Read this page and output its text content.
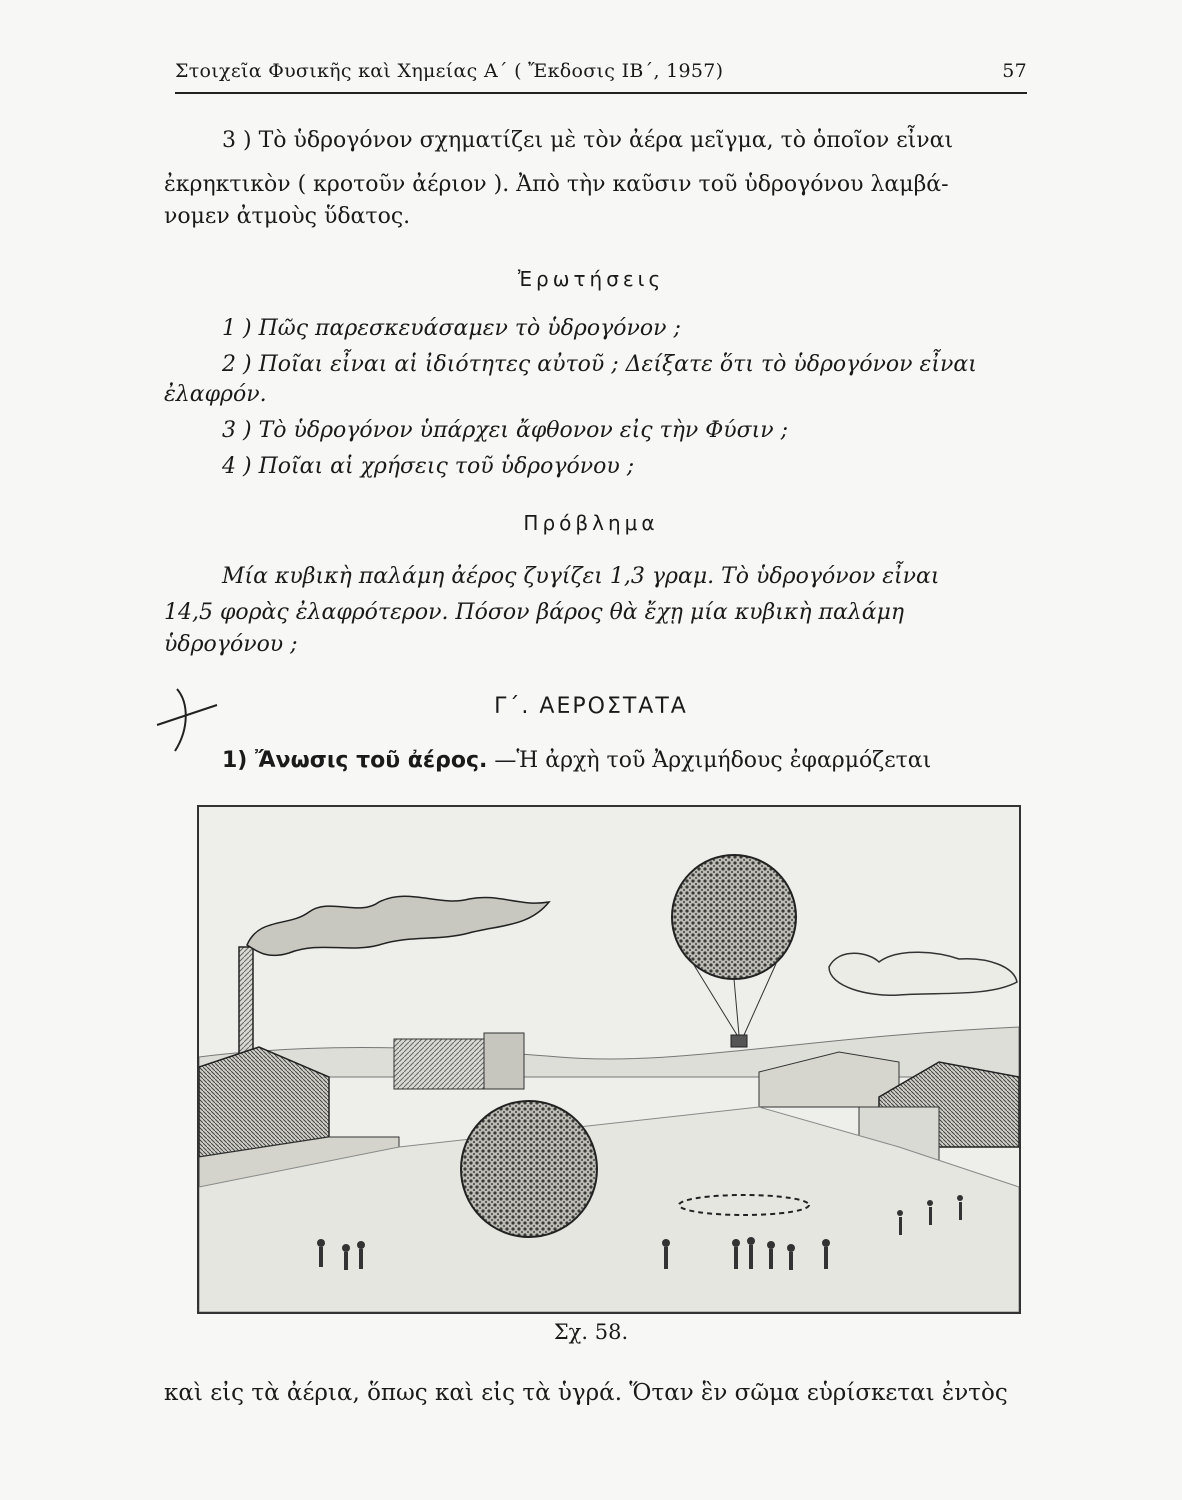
Στοιχεῖα Φυσικῆς καὶ Χημείας Α΄ ( Ἔκδοσις ΙΒ΄, 1957)	57
3 ) Τὸ ὑδρογόνον σχηματίζει μὲ τὸν ἀέρα μεῖγμα, τὸ ὁποῖον εἶναι
ἐκρηκτικὸν ( κροτοῦν ἀέριον ). Ἀπὸ τὴν καῦσιν τοῦ ὑδρογόνου λαμβά-
νομεν ἀτμοὺς ὕδατος.
Ἐρωτήσεις
1 ) Πῶς παρεσκευάσαμεν τὸ ὑδρογόνον ;
2 ) Ποῖαι εἶναι αἱ ἰδιότητες αὐτοῦ ; Δείξατε ὅτι τὸ ὑδρογόνον εἶναι
ἐλαφρόν.
3 ) Τὸ ὑδρογόνον ὑπάρχει ἄφθονον εἰς τὴν Φύσιν ;
4 ) Ποῖαι αἱ χρήσεις τοῦ ὑδρογόνου ;
Πρόβλημα
Μία κυβικὴ παλάμη ἀέρος ζυγίζει 1,3 γραμ. Τὸ ὑδρογόνον εἶναι
14,5 φορὰς ἐλαφρότερον. Πόσον βάρος θὰ ἔχῃ μία κυβικὴ παλάμη
ὑδρογόνου ;
Γ΄. ΑΕΡΟΣΤΑΤΑ
1) Ἄνωσις τοῦ ἀέρος. —Ἡ ἀρχὴ τοῦ Ἀρχιμήδους ἐφαρμόζεται
Σχ. 58.
καὶ εἰς τὰ ἀέρια, ὅπως καὶ εἰς τὰ ὑγρά. Ὅταν ἓν σῶμα εὑρίσκεται ἐντὸς
